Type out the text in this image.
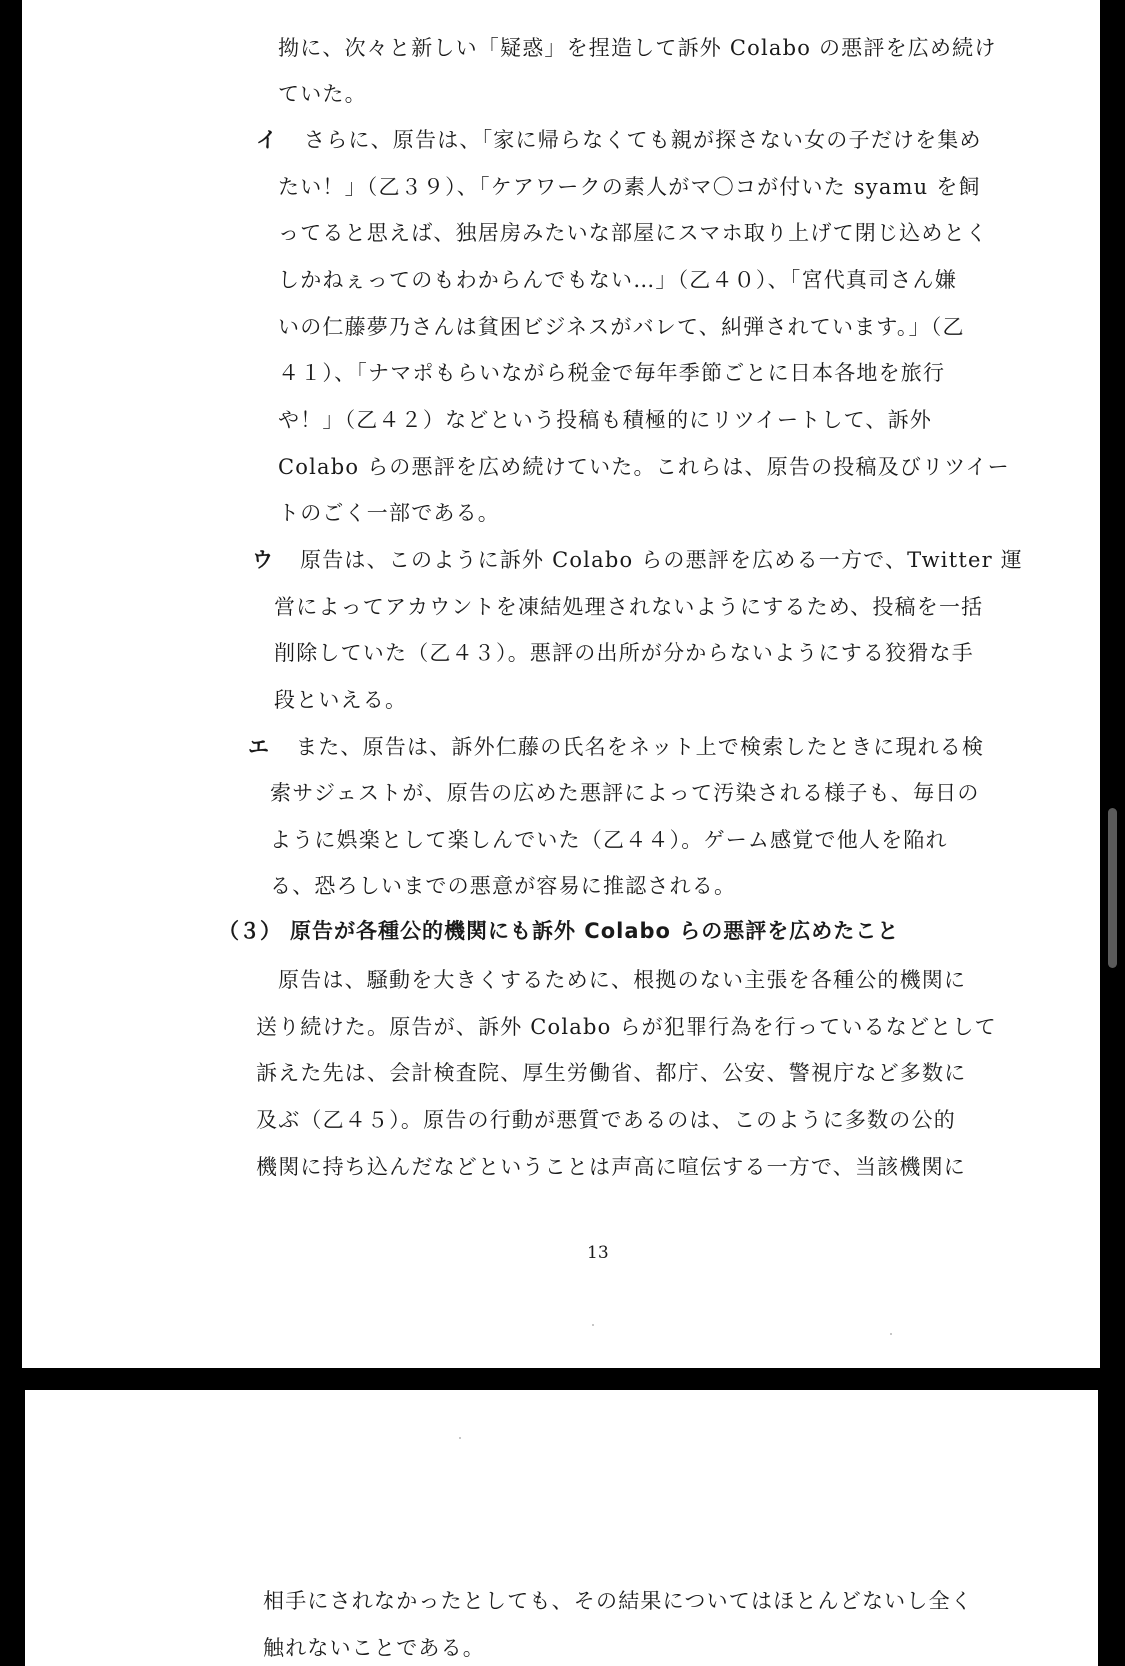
拗に、次々と新しい「疑惑」を捏造して訴外 Colabo の悪評を広め続け
ていた。
イ さらに、原告は、「家に帰らなくても親が探さない女の子だけを集め
たい！」（乙３９）、「ケアワークの素人がマ〇コが付いた syamu を飼
ってると思えば、独居房みたいな部屋にスマホ取り上げて閉じ込めとく
しかねぇってのもわからんでもない…」（乙４０）、「宮代真司さん嫌
いの仁藤夢乃さんは貧困ビジネスがバレて、糾弾されています。」（乙
４１）、「ナマポもらいながら税金で毎年季節ごとに日本各地を旅行
や！」（乙４２）などという投稿も積極的にリツイートして、訴外
Colabo らの悪評を広め続けていた。これらは、原告の投稿及びリツイー
トのごく一部である。
ウ 原告は、このように訴外 Colabo らの悪評を広める一方で、Twitter 運
営によってアカウントを凍結処理されないようにするため、投稿を一括
削除していた（乙４３）。悪評の出所が分からないようにする狡猾な手
段といえる。
エ また、原告は、訴外仁藤の氏名をネット上で検索したときに現れる検
索サジェストが、原告の広めた悪評によって汚染される様子も、毎日の
ように娯楽として楽しんでいた（乙４４）。ゲーム感覚で他人を陥れ
る、恐ろしいまでの悪意が容易に推認される。
（３） 原告が各種公的機関にも訴外 Colabo らの悪評を広めたこと
原告は、騒動を大きくするために、根拠のない主張を各種公的機関に
送り続けた。原告が、訴外 Colabo らが犯罪行為を行っているなどとして
訴えた先は、会計検査院、厚生労働省、都庁、公安、警視庁など多数に
及ぶ（乙４５）。原告の行動が悪質であるのは、このように多数の公的
機関に持ち込んだなどということは声高に喧伝する一方で、当該機関に
13
相手にされなかったとしても、その結果についてはほとんどないし全く
触れないことである。
